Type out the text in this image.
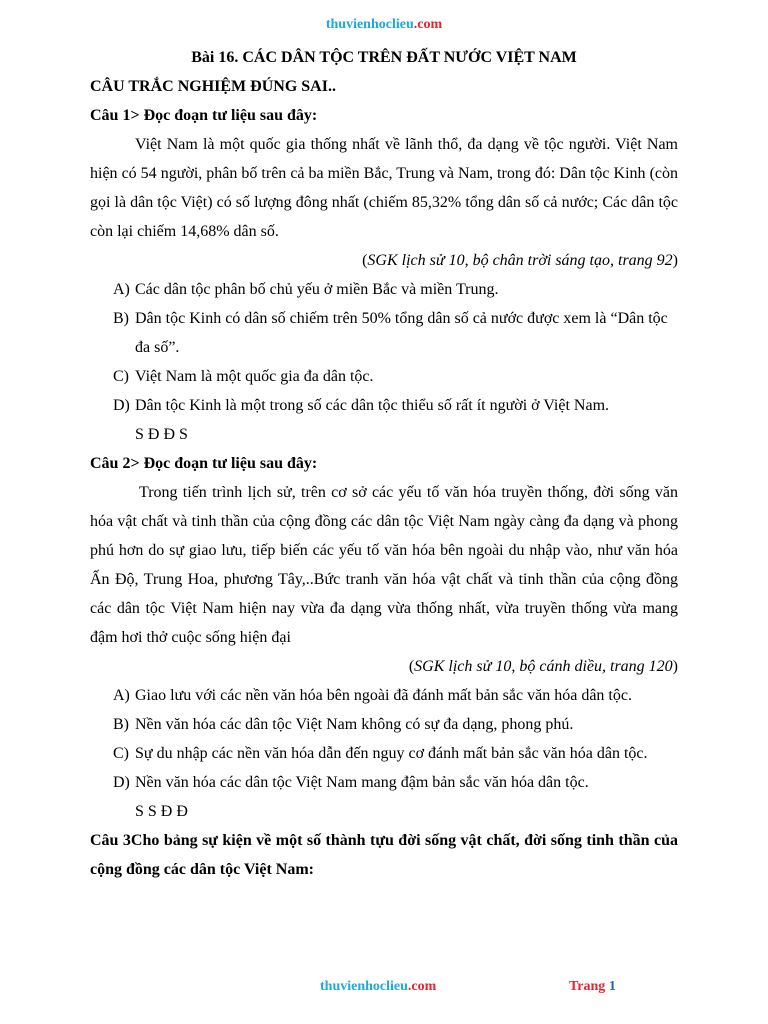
thuvienhoclieu.com
Bài 16. CÁC DÂN TỘC TRÊN ĐẤT NƯỚC VIỆT NAM
CÂU TRẮC NGHIỆM ĐÚNG SAI..
Câu 1> Đọc đoạn tư liệu sau đây:
Việt Nam là một quốc gia thống nhất về lãnh thổ, đa dạng về tộc người. Việt Nam hiện có 54 người, phân bố trên cả ba miền Bắc, Trung và Nam, trong đó: Dân tộc Kinh (còn gọi là dân tộc Việt) có số lượng đông nhất (chiếm 85,32% tổng dân số cả nước; Các dân tộc còn lại chiếm 14,68% dân số.
(SGK lịch sử 10, bộ chân trời sáng tạo, trang 92)
A) Các dân tộc phân bố chủ yếu ở miền Bắc và miền Trung.
B) Dân tộc Kinh có dân số chiếm trên 50% tổng dân số cả nước được xem là “Dân tộc đa số”.
C) Việt Nam là một quốc gia đa dân tộc.
D) Dân tộc Kinh là một trong số các dân tộc thiểu số rất ít người ở Việt Nam.
S Đ Đ S
Câu 2> Đọc đoạn tư liệu sau đây:
Trong tiến trình lịch sử, trên cơ sở các yếu tố văn hóa truyền thống, đời sống văn hóa vật chất và tinh thần của cộng đồng các dân tộc Việt Nam ngày càng đa dạng và phong phú hơn do sự giao lưu, tiếp biến các yếu tố văn hóa bên ngoài du nhập vào, như văn hóa Ấn Độ, Trung Hoa, phương Tây,..Bức tranh văn hóa vật chất và tinh thần của cộng đồng các dân tộc Việt Nam hiện nay vừa đa dạng vừa thống nhất, vừa truyền thống vừa mang đậm hơi thở cuộc sống hiện đại
(SGK lịch sử 10, bộ cánh diều, trang 120)
A) Giao lưu với các nền văn hóa bên ngoài đã đánh mất bản sắc văn hóa dân tộc.
B) Nền văn hóa các dân tộc Việt Nam không có sự đa dạng, phong phú.
C) Sự du nhập các nền văn hóa dẫn đến nguy cơ đánh mất bản sắc văn hóa dân tộc.
D) Nền văn hóa các dân tộc Việt Nam mang đậm bản sắc văn hóa dân tộc.
S S Đ Đ
Câu 3Cho bảng sự kiện về một số thành tựu đời sống vật chất, đời sống tinh thần của cộng đồng các dân tộc Việt Nam:
thuvienhoclieu.com	Trang 1
